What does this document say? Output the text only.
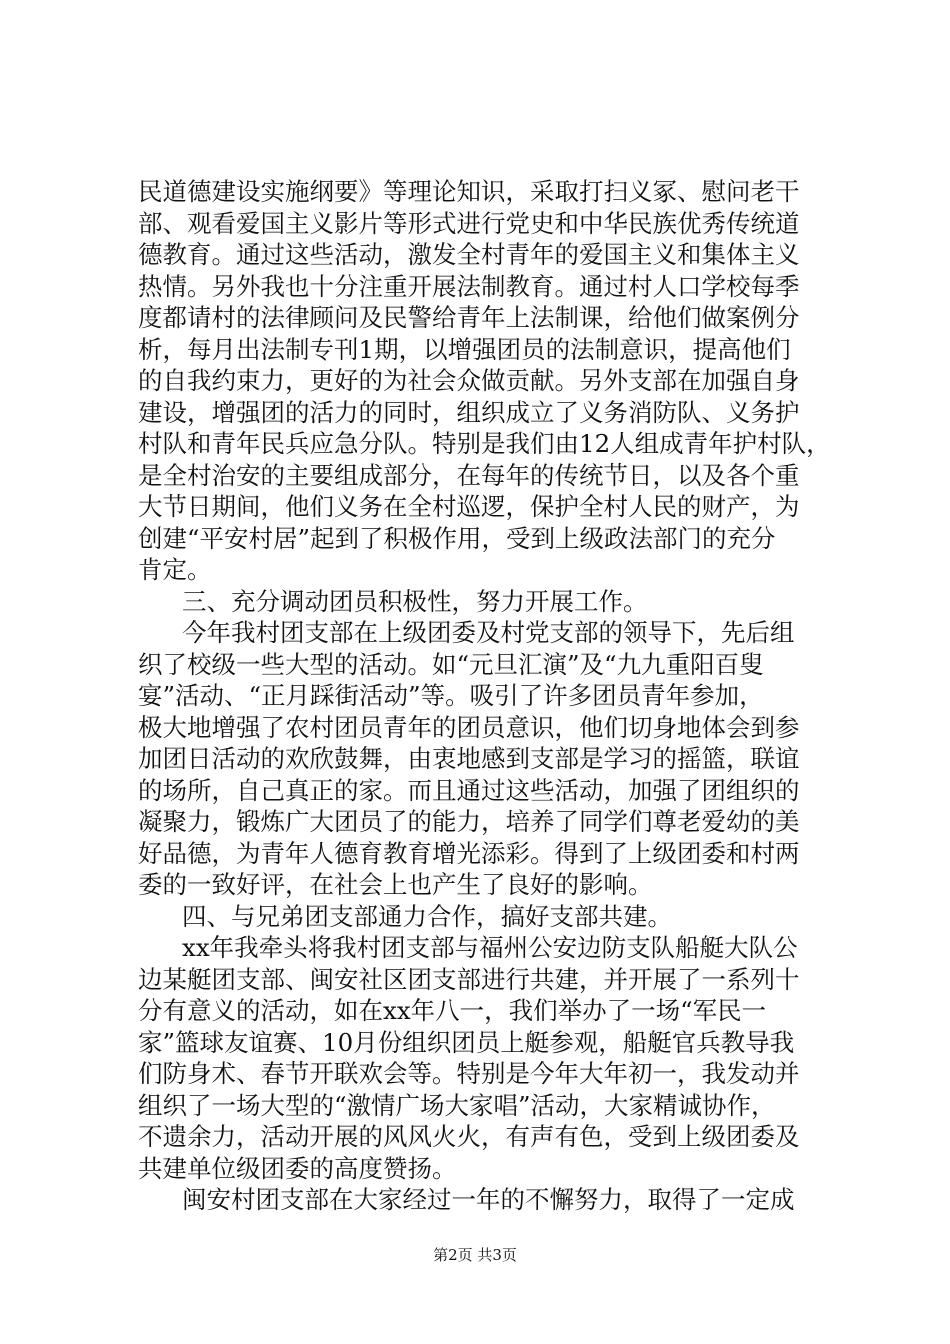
民道德建设实施纲要》等理论知识，采取打扫义冢、慰问老干
部、观看爱国主义影片等形式进行党史和中华民族优秀传统道
德教育。通过这些活动，激发全村青年的爱国主义和集体主义
热情。另外我也十分注重开展法制教育。通过村人口学校每季
度都请村的法律顾问及民警给青年上法制课，给他们做案例分
析，每月出法制专刊1期，以增强团员的法制意识，提高他们
的自我约束力，更好的为社会众做贡献。另外支部在加强自身
建设，增强团的活力的同时，组织成立了义务消防队、义务护
村队和青年民兵应急分队。特别是我们由12人组成青年护村队，
是全村治安的主要组成部分，在每年的传统节日，以及各个重
大节日期间，他们义务在全村巡逻，保护全村人民的财产，为
创建“平安村居”起到了积极作用，受到上级政法部门的充分
肯定。
三、充分调动团员积极性，努力开展工作。
今年我村团支部在上级团委及村党支部的领导下，先后组
织了校级一些大型的活动。如“元旦汇演”及“九九重阳百叟
宴”活动、“正月踩街活动”等。吸引了许多团员青年参加，
极大地增强了农村团员青年的团员意识，他们切身地体会到参
加团日活动的欢欣鼓舞，由衷地感到支部是学习的摇篮，联谊
的场所，自己真正的家。而且通过这些活动，加强了团组织的
凝聚力，锻炼广大团员了的能力，培养了同学们尊老爱幼的美
好品德，为青年人德育教育增光添彩。得到了上级团委和村两
委的一致好评，在社会上也产生了良好的影响。
四、与兄弟团支部通力合作，搞好支部共建。
xx年我牵头将我村团支部与福州公安边防支队船艇大队公
边某艇团支部、闽安社区团支部进行共建，并开展了一系列十
分有意义的活动，如在xx年八一，我们举办了一场“军民一
家”篮球友谊赛、10月份组织团员上艇参观，船艇官兵教导我
们防身术、春节开联欢会等。特别是今年大年初一，我发动并
组织了一场大型的“激情广场大家唱”活动，大家精诚协作，
不遗余力，活动开展的风风火火，有声有色，受到上级团委及
共建单位级团委的高度赞扬。
闽安村团支部在大家经过一年的不懈努力，取得了一定成
第2页 共3页
